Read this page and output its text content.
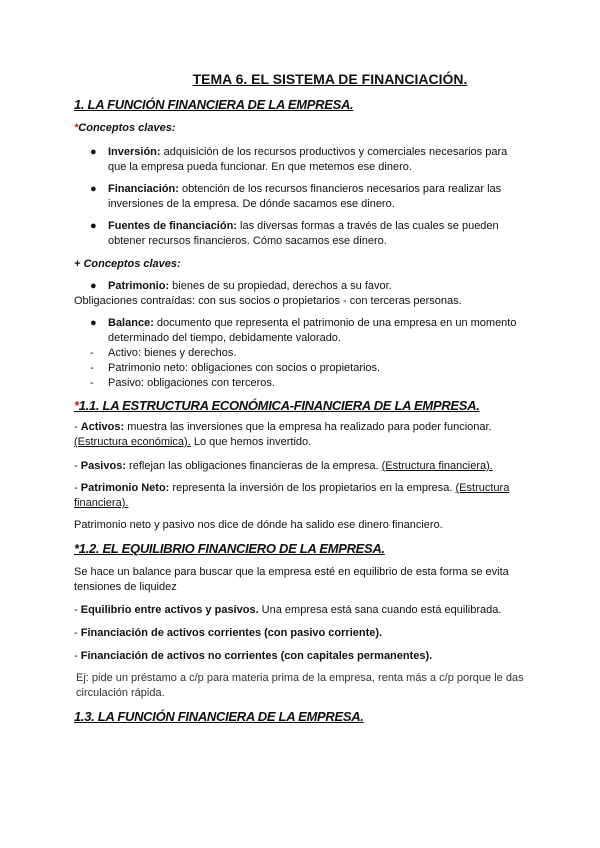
TEMA 6. EL SISTEMA DE FINANCIACIÓN.
1. LA FUNCIÓN FINANCIERA DE LA EMPRESA.
*Conceptos claves:
●	Inversión: adquisición de los recursos productivos y comerciales necesarios para que la empresa pueda funcionar. En que metemos ese dinero.
●	Financiación: obtención de los recursos financieros necesarios para realizar las inversiones de la empresa. De dónde sacamos ese dinero.
●	Fuentes de financiación: las diversas formas a través de las cuales se pueden obtener recursos financieros. Cómo sacamos ese dinero.
+ Conceptos claves:
●	Patrimonio: bienes de su propiedad, derechos a su favor.
Obligaciones contraídas: con sus socios o propietarios - con terceras personas.
●	Balance: documento que representa el patrimonio de una empresa en un momento determinado del tiempo, debidamente valorado.
- Activo: bienes y derechos.
- Patrimonio neto: obligaciones con socios o propietarios.
- Pasivo: obligaciones con terceros.
*1.1. LA ESTRUCTURA ECONÓMICA-FINANCIERA DE LA EMPRESA.
- Activos: muestra las inversiones que la empresa ha realizado para poder funcionar. (Estructura económica). Lo que hemos invertido.
- Pasivos: reflejan las obligaciones financieras de la empresa. (Estructura financiera).
- Patrimonio Neto: representa la inversión de los propietarios en la empresa. (Estructura financiera).
Patrimonio neto y pasivo nos dice de dónde ha salido ese dinero financiero.
*1.2. EL EQUILIBRIO FINANCIERO DE LA EMPRESA.
Se hace un balance para buscar que la empresa esté en equilibrio de esta forma se evita tensiones de liquidez
- Equilibrio entre activos y pasivos. Una empresa está sana cuando está equilibrada.
- Financiación de activos corrientes (con pasivo corriente).
- Financiación de activos no corrientes (con capitales permanentes).
Ej: pide un préstamo a c/p para materia prima de la empresa, renta más a c/p porque le das circulación rápida.
1.3. LA FUNCIÓN FINANCIERA DE LA EMPRESA.
